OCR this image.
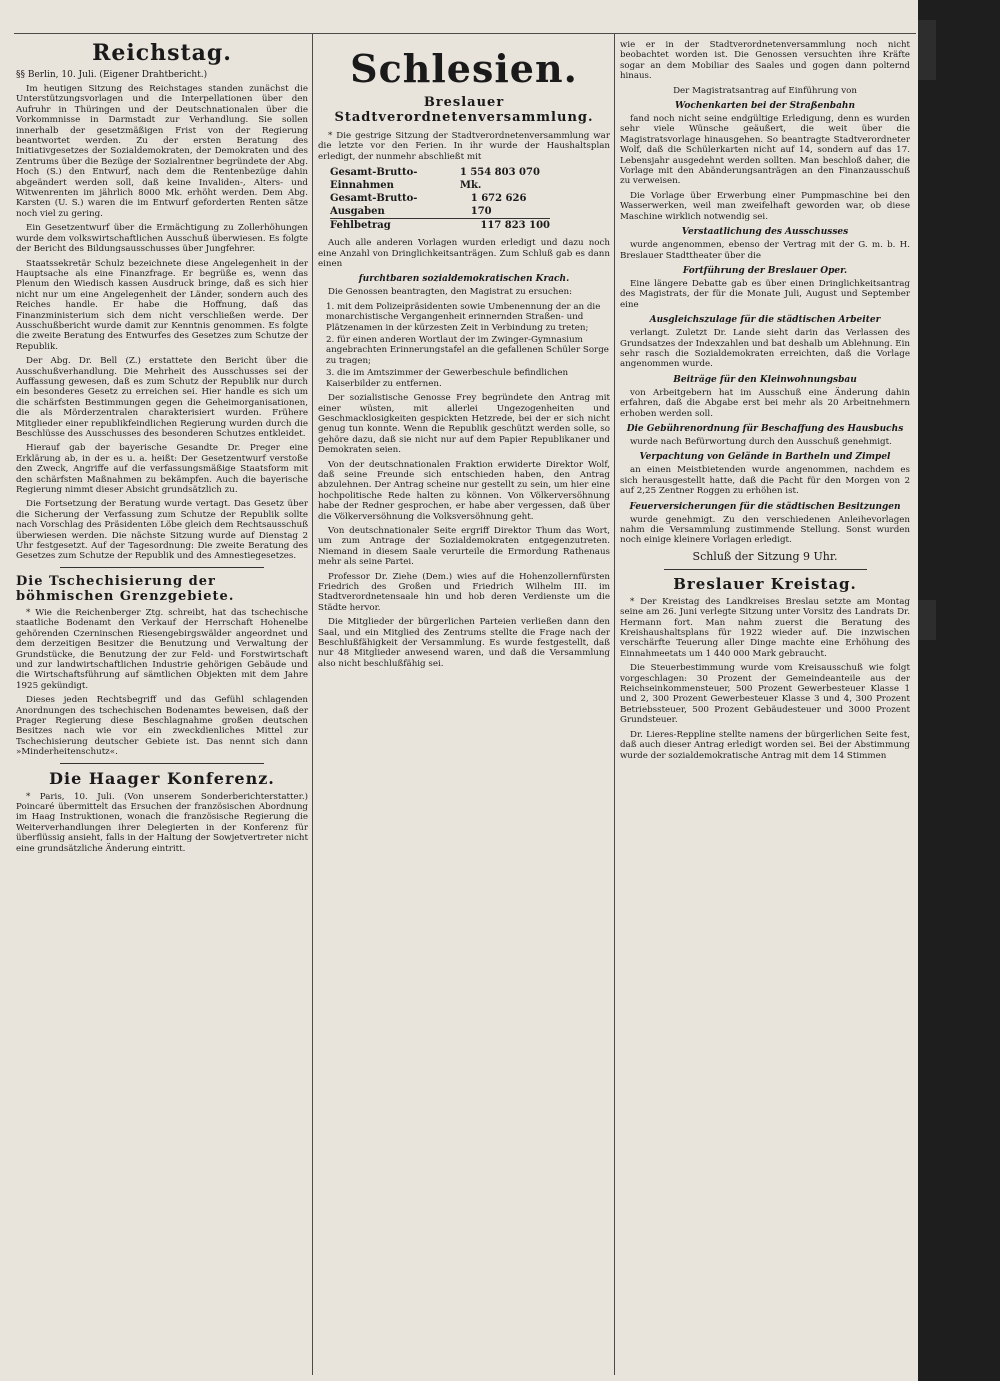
Reichstag.
§§ Berlin, 10. Juli. (Eigener Drahtbericht.)

Im heutigen Sitzung des Reichstages standen zunächst die Unterstützungsvorlagen und die Interpellationen über den Aufruhr in Thüringen und der Deutschnationalen über die Vorkommnisse in Darmstadt zur Verhandlung. Sie sollen innerhalb der gesetzmäßigen Frist von der Regierung beantwortet werden. Zu der ersten Beratung des Initiativgesetzes der Sozialdemokraten, der Demokraten und des Zentrums über die Bezüge der Sozialrentner begründete der Abg. Hoch (S.) den Entwurf, nach dem die Rentenbezüge dahin abgeändert werden soll, daß keine Invaliden-, Alters- und Witwenrenten im jährlich 8000 Mk. erhöht werden. Dem Abg. Karsten (U. S.) waren die im Entwurf geforderten Renten sätze noch viel zu gering.

Ein Gesetzentwurf über die Ermächtigung zu Zollerhöhungen wurde dem volkswirtschaftlichen Ausschuß überwiesen. Es folgte der Bericht des Bildungsausschusses über Jungfehrer.

Staatssekretär Schulz bezeichnete diese Angelegenheit in der Hauptsache als eine Finanzfrage. Er begrüße es, wenn das Plenum den Wiedisch kassen Ausdruck bringe, daß es sich hier nicht nur um eine Angelegenheit der Länder, sondern auch des Reiches handle. Er habe die Hoffnung, daß das Finanzministerium sich dem nicht verschließen werde. Der Ausschußbericht wurde damit zur Kenntnis genommen. Es folgte die zweite Beratung des Entwurfes des Gesetzes zum Schutze der Republik.

Der Abg. Dr. Bell (Z.) erstattete den Bericht über die Ausschußverhandlung. Die Mehrheit des Ausschusses sei der Auffassung gewesen, daß es zum Schutz der Republik nur durch ein besonderes Gesetz zu erreichen sei. Hier handle es sich um die schärfsten Bestimmungen gegen die Geheimorganisationen, die als Mörderzentralen charakterisiert wurden. Frühere Mitglieder einer republikfeindlichen Regierung wurden durch die Beschlüsse des Ausschusses des besonderen Schutzes entkleidet.

Hierauf gab der bayerische Gesandte Dr. Preger eine Erklärung ab, in der es u. a. heißt: Der Gesetzentwurf verstoße den Zweck, Angriffe auf die verfassungsmäßige Staatsform mit den schärfsten Maßnahmen zu bekämpfen. Auch die bayerische Regierung nimmt dieser Absicht grundsätzlich zu.

Die Fortsetzung der Beratung wurde vertagt. Das Gesetz über die Sicherung der Verfassung zum Schutze der Republik sollte nach Vorschlag des Präsidenten Löbe gleich dem Rechtsausschuß überwiesen werden. Die nächste Sitzung wurde auf Dienstag 2 Uhr festgesetzt. Auf der Tagesordnung: Die zweite Beratung des Gesetzes zum Schutze der Republik und des Amnestiegesetzes.

Die Tschechisierung der böhmischen Grenzgebiete.

* Wie die Reichenberger Ztg. schreibt, hat das tschechische staatliche Bodenamt den Verkauf der Herrschaft Hohenelbe gehörenden Czerninschen Riesengebirgswälder angeordnet und dem derzeitigen Besitzer die Benutzung und Verwaltung der Grundstücke, die Benutzung der zur Feld- und Forstwirtschaft und zur landwirtschaftlichen Industrie gehörigen Gebäude und die Wirtschaftsführung auf sämtlichen Objekten mit dem Jahre 1925 gekündigt.

Dieses jeden Rechtsbegriff und das Gefühl schlagenden Anordnungen des tschechischen Bodenamtes beweisen, daß der Prager Regierung diese Beschlagnahme großen deutschen Besitzes nach wie vor ein zweckdienliches Mittel zur Tschechisierung deutscher Gebiete ist. Das nennt sich dann »Minderheitenschutz«.

Die Haager Konferenz.

* Paris, 10. Juli. (Von unserem Sonderberichterstatter.) Poincaré übermittelt das Ersuchen der französischen Abordnung im Haag Instruktionen, wonach die französische Regierung die Weiterverhandlungen ihrer Delegierten in der Konferenz für überflüssig ansieht, falls in der Haltung der Sowjetvertreter nicht eine grundsätzliche Änderung eintritt.

Schlesien.
Breslauer Stadtverordnetenversammlung.

* Die gestrige Sitzung der Stadtverordnetenversammlung war die letzte vor den Ferien. In ihr wurde der Haushaltsplan erledigt, der nunmehr abschließt mit

Gesamt-Brutto-Einnahmen
1 554 803 070 Mk.
Gesamt-Brutto-Ausgaben
1 672 626 170
Fehlbetrag	117 823 100

Auch alle anderen Vorlagen wurden erledigt und dazu noch eine Anzahl von Dringlichkeitsanträgen. Zum Schluß gab es dann einen

furchtbaren sozialdemokratischen Krach.

Die Genossen beantragten, den Magistrat zu ersuchen:

1. mit dem Polizeipräsidenten sowie Umbenennung der an die monarchistische Vergangenheit erinnernden Straßen- und Plätzenamen in der kürzesten Zeit in Verbindung zu treten;
2. für einen anderen Wortlaut der im Zwinger-Gymnasium angebrachten Erinnerungstafel an die gefallenen Schüler Sorge zu tragen;
3. die im Amtszimmer der Gewerbeschule befindlichen Kaiserbilder zu entfernen.

Der sozialistische Genosse Frey begründete den Antrag mit einer wüsten, mit allerlei Ungezogenheiten und Geschmacklosigkeiten gespickten Hetzrede, bei der er sich nicht genug tun konnte. Wenn die Republik geschützt werden solle, so gehöre dazu, daß sie nicht nur auf dem Papier Republikaner und Demokraten seien.

Von der deutschnationalen Fraktion erwiderte Direktor Wolf, daß seine Freunde sich entschieden haben, den Antrag abzulehnen. Der Antrag scheine nur gestellt zu sein, um hier eine hochpolitische Rede halten zu können. Von Völkerversöhnung habe der Redner gesprochen, er habe aber vergessen, daß über die Völkerversöhnung die Volksversöhnung geht.

Von deutschnationaler Seite ergriff Direktor Thum das Wort, um zum Antrage der Sozialdemokraten entgegenzutreten. Niemand in diesem Saale verurteile die Ermordung Rathenaus mehr als seine Partei.

Professor Dr. Ziehe (Dem.) wies auf die Hohenzollernfürsten Friedrich des Großen und Friedrich Wilhelm III. im Stadtverordnetensaale hin und hob deren Verdienste um die Städte hervor.

Die Mitglieder der bürgerlichen Parteien verließen dann den Saal, und ein Mitglied des Zentrums stellte die Frage nach der Beschlußfähigkeit der Versammlung. Es wurde festgestellt, daß nur 48 Mitglieder anwesend waren, und daß die Versammlung also nicht beschlußfähig sei.

wie er in der Stadtverordnetenversammlung noch nicht beobachtet worden ist. Die Genossen versuchten ihre Kräfte sogar an dem Mobiliar des Saales und gogen dann polternd hinaus.

Der Magistratsantrag auf Einführung von

Wochenkarten bei der Straßenbahn

fand noch nicht seine endgültige Erledigung, denn es wurden sehr viele Wünsche geäußert, die weit über die Magistratsvorlage hinausgehen. So beantragte Stadtverordneter Wolf, daß die Schülerkarten nicht auf 14, sondern auf das 17. Lebensjahr ausgedehnt werden sollten. Man beschloß daher, die Vorlage mit den Abänderungsanträgen an den Finanzausschuß zu verweisen.

Die Vorlage über Erwerbung einer Pumpmaschine bei den Wasserwerken, weil man zweifelhaft geworden war, ob diese Maschine wirklich notwendig sei.

Verstaatlichung des Ausschusses

wurde angenommen, ebenso der Vertrag mit der G. m. b. H. Breslauer Stadttheater über die

Fortführung der Breslauer Oper.

Eine längere Debatte gab es über einen Dringlichkeitsantrag des Magistrats, der für die Monate Juli, August und September eine

Ausgleichszulage für die städtischen Arbeiter

verlangt. Zuletzt Dr. Lande sieht darin das Verlassen des Grundsatzes der Indexzahlen und bat deshalb um Ablehnung. Ein sehr rasch die Sozialdemokraten erreichten, daß die Vorlage angenommen wurde.

Beiträge für den Kleinwohnungsbau

von Arbeitgebern hat im Ausschuß eine Änderung dahin erfahren, daß die Abgabe erst bei mehr als 20 Arbeitnehmern erhoben werden soll.

Die Gebührenordnung für Beschaffung des Hausbuchs

wurde nach Befürwortung durch den Ausschuß genehmigt.

Verpachtung von Gelände in Bartheln und Zimpel

an einen Meistbietenden wurde angenommen, nachdem es sich herausgestellt hatte, daß die Pacht für den Morgen von 2 auf 2,25 Zentner Roggen zu erhöhen ist.

Feuerversicherungen für die städtischen Besitzungen

wurde genehmigt. Zu den verschiedenen Anleihevorlagen nahm die Versammlung zustimmende Stellung. Sonst wurden noch einige kleinere Vorlagen erledigt.

Schluß der Sitzung 9 Uhr.
Breslauer Kreistag.

* Der Kreistag des Landkreises Breslau setzte am Montag seine am 26. Juni verlegte Sitzung unter Vorsitz des Landrats Dr. Hermann fort. Man nahm zuerst die Beratung des Kreishaushaltsplans für 1922 wieder auf. Die inzwischen verschärfte Teuerung aller Dinge machte eine Erhöhung des Einnahmeetats um 1 440 000 Mark gebraucht.

Die Steuerbestimmung wurde vom Kreisausschuß wie folgt vorgeschlagen: 30 Prozent der Gemeindeanteile aus der Reichseinkommensteuer, 500 Prozent Gewerbesteuer Klasse 1 und 2, 300 Prozent Gewerbesteuer Klasse 3 und 4, 300 Prozent Betriebssteuer, 500 Prozent Gebäudesteuer und 3000 Prozent Grundsteuer.

Dr. Lieres-Reppline stellte namens der bürgerlichen Seite fest, daß auch dieser Antrag erledigt worden sei. Bei der Abstimmung wurde der sozialdemokratische Antrag mit dem 14 Stimmen
